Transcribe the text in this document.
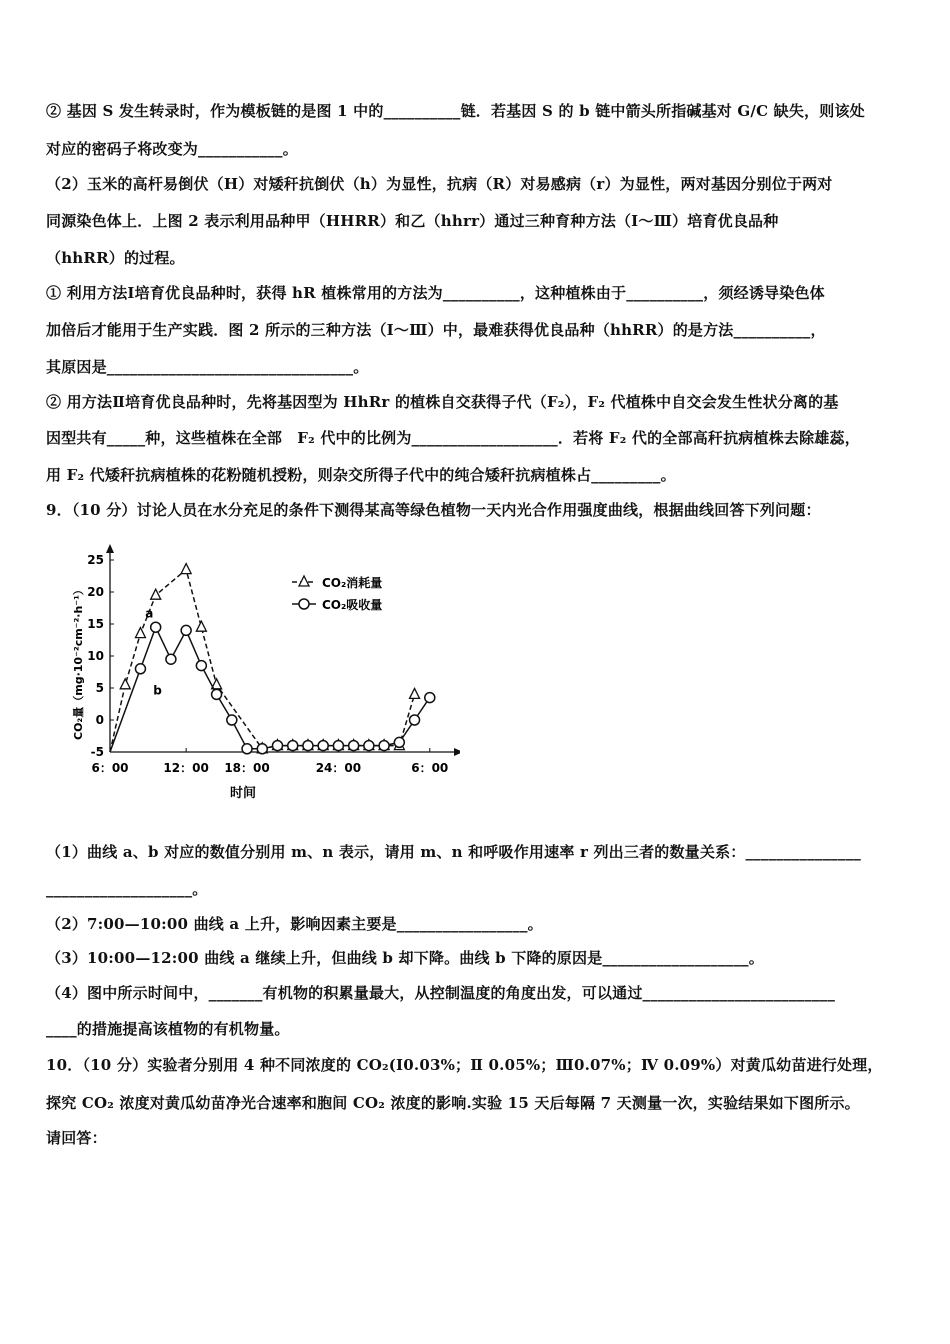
② 基因 S 发生转录时，作为模板链的是图 1 中的__________链．若基因 S 的 b 链中箭头所指碱基对 G/C 缺失，则该处
对应的密码子将改变为___________。
（2）玉米的高杆易倒伏（H）对矮秆抗倒伏（h）为显性，抗病（R）对易感病（r）为显性，两对基因分别位于两对
同源染色体上．上图 2 表示利用品种甲（HHRR）和乙（hhrr）通过三种育种方法（Ⅰ～Ⅲ）培育优良品种
（hhRR）的过程。
① 利用方法Ⅰ培育优良品种时，获得 hR 植株常用的方法为__________，这种植株由于__________，须经诱导染色体
加倍后才能用于生产实践．图 2 所示的三种方法（Ⅰ～Ⅲ）中，最难获得优良品种（hhRR）的是方法__________，
其原因是________________________________。
② 用方法Ⅱ培育优良品种时，先将基因型为 HhRr 的植株自交获得子代（F₂），F₂ 代植株中自交会发生性状分离的基
因型共有_____种，这些植株在全部　F₂ 代中的比例为___________________．若将 F₂ 代的全部高秆抗病植株去除雄蕊，
用 F₂ 代矮秆抗病植株的花粉随机授粉，则杂交所得子代中的纯合矮秆抗病植株占_________。
9．（10 分）讨论人员在水分充足的条件下测得某高等绿色植物一天内光合作用强度曲线，根据曲线回答下列问题：
25
20
15
10
5
0
-5
6：00	12：00 18：00	24：00	6：00
a
b
CO₂消耗量
CO₂吸收量
CO₂量（mg·10⁻²cm⁻²·h⁻¹）
时间
（1）曲线 a、b 对应的数值分别用 m、n 表示，请用 m、n 和呼吸作用速率 r 列出三者的数量关系：_______________
___________________。
（2）7:00—10:00 曲线 a 上升，影响因素主要是_________________。
（3）10:00—12:00 曲线 a 继续上升，但曲线 b 却下降。曲线 b 下降的原因是___________________。
（4）图中所示时间中，_______有机物的积累量最大，从控制温度的角度出发，可以通过_________________________
____的措施提高该植物的有机物量。
10．（10 分）实验者分别用 4 种不同浓度的 CO₂(Ⅰ0.03%；Ⅱ 0.05%；Ⅲ0.07%；Ⅳ 0.09%）对黄瓜幼苗进行处理，
探究 CO₂ 浓度对黄瓜幼苗净光合速率和胞间 CO₂ 浓度的影响.实验 15 天后每隔 7 天测量一次，实验结果如下图所示。
请回答：
